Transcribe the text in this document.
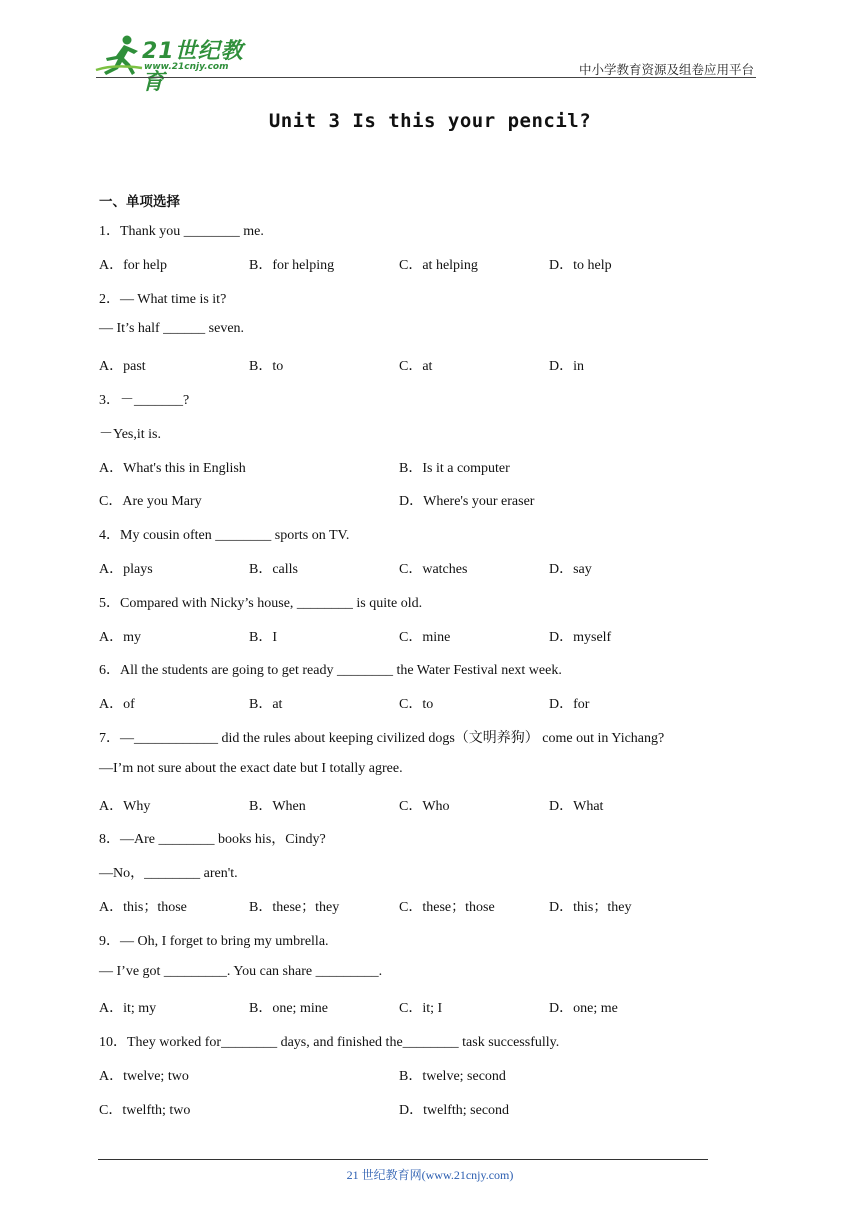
21世纪教育
www.21cnjy.com	中小学教育资源及组卷应用平台
Unit 3 Is this your pencil?
一、单项选择
1．Thank you ________ me.
A．for help	B．for helping	C．at helping	D．to help
2．— What time is it?
— It’s half ______ seven.
A．past	B．to	C．at	D．in
3．－_______?
－Yes,it is.
A．What's this in English	B．Is it a computer
C．Are you Mary	D．Where's your eraser
4．My cousin often ________ sports on TV.
A．plays	B．calls	C．watches	D．say
5．Compared with Nicky’s house, ________ is quite old.
A．my	B．I	C．mine	D．myself
6．All the students are going to get ready ________ the Water Festival next week.
A．of	B．at	C．to	D．for
7．—____________ did the rules about keeping civilized dogs（文明养狗） come out in Yichang?
—I’m not sure about the exact date but I totally agree.
A．Why	B．When	C．Who	D．What
8．—Are ________ books his，Cindy?
—No，________ aren't.
A．this；those	B．these；they	C．these；those	D．this；they
9．— Oh, I forget to bring my umbrella.
— I’ve got _________. You can share _________.
A．it; my	B．one; mine	C．it; I	D．one; me
10．They worked for________ days, and finished the________ task successfully.
A．twelve; two	B．twelve; second
C．twelfth; two	D．twelfth; second
21 世纪教育网(www.21cnjy.com)
